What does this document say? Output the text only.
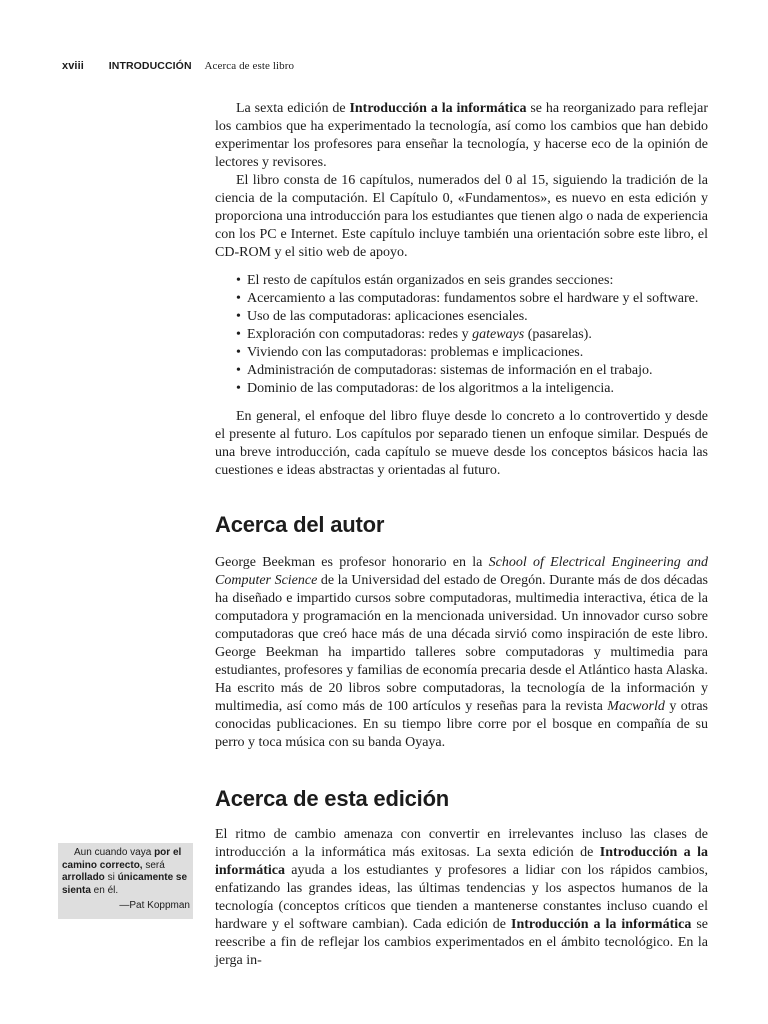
xviii INTRODUCCIÓN Acerca de este libro

La sexta edición de Introducción a la informática se ha reorganizado para reflejar los cambios que ha experimentado la tecnología, así como los cambios que han debido experimentar los profesores para enseñar la tecnología, y hacerse eco de la opinión de lectores y revisores.

El libro consta de 16 capítulos, numerados del 0 al 15, siguiendo la tradición de la ciencia de la computación. El Capítulo 0, «Fundamentos», es nuevo en esta edición y proporciona una introducción para los estudiantes que tienen algo o nada de experiencia con los PC e Internet. Este capítulo incluye también una orientación sobre este libro, el CD-ROM y el sitio web de apoyo.

• El resto de capítulos están organizados en seis grandes secciones:
• Acercamiento a las computadoras: fundamentos sobre el hardware y el software.
• Uso de las computadoras: aplicaciones esenciales.
• Exploración con computadoras: redes y gateways (pasarelas).
• Viviendo con las computadoras: problemas e implicaciones.
• Administración de computadoras: sistemas de información en el trabajo.
• Dominio de las computadoras: de los algoritmos a la inteligencia.

En general, el enfoque del libro fluye desde lo concreto a lo controvertido y desde el presente al futuro. Los capítulos por separado tienen un enfoque similar. Después de una breve introducción, cada capítulo se mueve desde los conceptos básicos hacia las cuestiones e ideas abstractas y orientadas al futuro.

Acerca del autor

George Beekman es profesor honorario en la School of Electrical Engineering and Computer Science de la Universidad del estado de Oregón. Durante más de dos décadas ha diseñado e impartido cursos sobre computadoras, multimedia interactiva, ética de la computadora y programación en la mencionada universidad. Un innovador curso sobre computadoras que creó hace más de una década sirvió como inspiración de este libro. George Beekman ha impartido talleres sobre computadoras y multimedia para estudiantes, profesores y familias de economía precaria desde el Atlántico hasta Alaska. Ha escrito más de 20 libros sobre computadoras, la tecnología de la información y multimedia, así como más de 100 artículos y reseñas para la revista Macworld y otras conocidas publicaciones. En su tiempo libre corre por el bosque en compañía de su perro y toca música con su banda Oyaya.

Acerca de esta edición

El ritmo de cambio amenaza con convertir en irrelevantes incluso las clases de introducción a la informática más exitosas. La sexta edición de Introducción a la informática ayuda a los estudiantes y profesores a lidiar con los rápidos cambios, enfatizando las grandes ideas, las últimas tendencias y los aspectos humanos de la tecnología (conceptos críticos que tienden a mantenerse constantes incluso cuando el hardware y el software cambian). Cada edición de Introducción a la informática se reescribe a fin de reflejar los cambios experimentados en el ámbito tecnológico. En la jerga in-

Aun cuando vaya por el camino correcto, será arrollado si únicamente se sienta en él.

—Pat Koppman
